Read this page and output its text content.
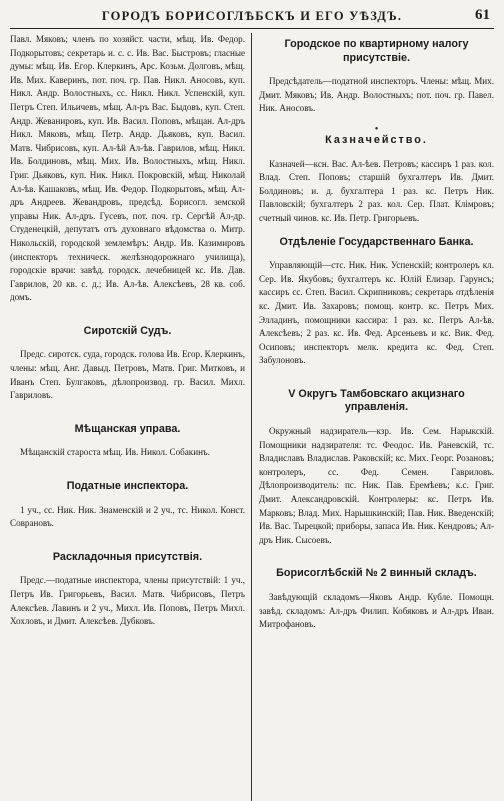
ГОРОДЪ БОРИСОГЛѢБСКЪ И ЕГО УѢЗДЪ.	61

Павл. Мяковъ; членъ по хозяйст. части, мѣщ. Ив. Федор. Подкорытовъ; секретарь и. с. с. Ив. Вас. Быстровъ; гласные думы: мѣщ. Ив. Егор. Клеркинъ, Арс. Козьм. Долговъ, мѣщ. Ив. Мих. Каверинъ, пот. поч. гр. Пав. Никл. Аносовъ, куп. Никл. Андр. Волостныхъ, сс. Никл. Никл. Успенскій, куп. Петръ Степ. Ильичевъ, мѣщ. Ал-ръ Вас. Быдовъ, куп. Степ. Андр. Жеванировъ, куп. Ив. Васил. Поповъ, мѣщан. Ал-дръ Никл. Мяковъ, мѣщ. Петр. Андр. Дьяковъ, куп. Васил. Матв. Чибрисовъ, куп. Ал-ѣй Ал-ѣв. Гаврилов, мѣщ. Никл. Ив. Болдиновъ, мѣщ. Мих. Ив. Волостныхъ, мѣщ. Никл. Григ. Дьяковъ, куп. Ник. Никл. Покровскій, мѣщ. Николай Ал-ѣв. Кашаковъ, мѣщ. Ив. Федор. Подкорытовъ, мѣщ. Ал-дръ Андреев. Жевандровъ, предсѣд. Борисогл. земской управы Ник. Ал-дръ. Гусевъ, пот. поч. гр. Сергѣй Ал-др. Студенецкій, депутатъ отъ духовнаго вѣдомства о. Митр. Никольскій, городской землемѣръ: Андр. Ив. Казимировъ (инспекторъ техническ. желѣзнодорожнаго училища), городскіе врачи: завѣд. городск. лечебницей кс. Ив. Дав. Гаврилов, 20 кв. с. д.; Ив. Ал-ѣв. Алексѣевъ, 28 кв. соб. домъ.

Сиротскій Судъ.

Предс. сиротск. суда, городск. голова Ив. Егор. Клеркинъ, члены: мѣщ. Анг. Давыд. Петровъ, Матв. Григ. Митковъ, и Иванъ Степ. Булгаковъ, дѣлопроизвод. гр. Васил. Михл. Гавриловъ.

Мѣщанская управа.

Мѣщанскій староста мѣщ. Ив. Никол. Собакинъ.

Податные инспектора.

1 уч., сс. Ник. Ник. Знаменскій и 2 уч., тс. Никол. Конст. Соврановъ.

Раскладочныя присутствія.

Предс.—податные инспектора, члены присутствій: 1 уч., Петръ Ив. Григорьевъ, Васил. Матв. Чибрисовъ, Петръ Алексѣев. Лавинъ и 2 уч., Михл. Ив. Поповъ, Петръ Михл. Хохловъ, и Дмит. Алексѣев. Дубковъ.

Городское по квартирному налогу присутствіе.

Предсѣдатель—податной инспекторъ. Члены: мѣщ. Мих. Дмит. Мяковъ; Ив. Андр. Волостныхъ; пот. поч. гр. Павел. Ник. Аносовъ.

•
Казначейство.

Казначей—ксн. Вас. Ал-ѣев. Петровъ; кассиръ 1 раз. кол. Влад. Степ. Поповъ; старшій бухгалтеръ Ив. Дмит. Болдиновъ; и. д. бухгалтера 1 раз. кс. Петръ Ник. Павловскій; бухгалтеръ 2 раз. кол. Сер. Плат. Клімровъ; счетный чинов. кс. Ив. Петр. Григорьевъ.

Отдѣленіе Государственнаго Банка.

Управляющій—стс. Ник. Ник. Успенскій; контролеръ кл. Сер. Ив. Якубовъ; бухгалтеръ кс. Юлій Елизар. Гарунсъ; кассиръ сс. Степ. Васил. Скрипниковъ; секретарь отдѣленія кс. Дмит. Ив. Захаровъ; помощ. контр. кс. Петръ Мих. Элладинъ, помощники кассира: 1 раз. кс. Петръ Ал-ѣв. Алексѣевъ; 2 раз. кс. Ив. Фед. Арсеньевъ и кс. Вик. Фед. Осиповъ; инспекторъ мелк. кредита кс. Фед. Степ. Забулоновъ.

V Округъ Тамбовскаго акцизнаго управленія.

Окружный надзиратель—кзр. Ив. Сем. Нарыкскій. Помощники надзирателя: тс. Феодос. Ив. Раневскій, тс. Владиславъ Владислав. Раковскій; кс. Мих. Георг. Розановъ; контролеръ, сс. Фед. Семен. Гавриловъ. Дѣлопроизводитель: пс. Ник. Пав. Еремѣевъ; к.с. Григ. Дмит. Александровскій. Контролеры: кс. Петръ Ив. Марковъ; Влад. Мих. Нарышкинскій; Пав. Ник. Введенскій; Ив. Вас. Тырецкой; приборы, запаса Ив. Ник. Кендровъ; Ал-дръ Ник. Сысоевъ.

Борисоглѣбскій № 2 винный складъ.

Завѣдующій складомъ—Яковъ Андр. Кубле. Помощн. завѣд. складомъ: Ал-дръ Филип. Кобяковъ и Ал-дръ Иван. Митрофановъ.
